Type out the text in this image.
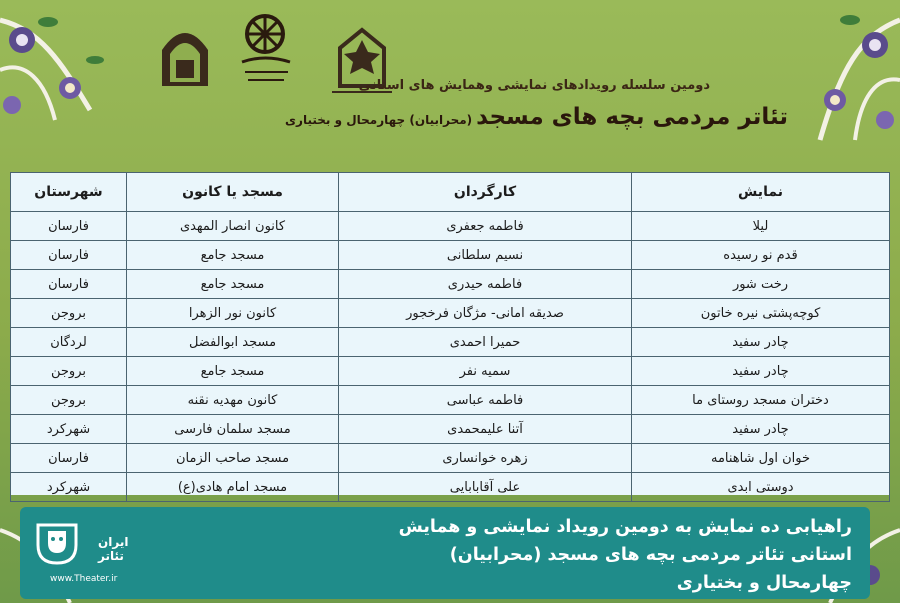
دومین سلسله رویدادهای نمایشی وهمایش های استانی
تئاتر مردمی بچه های مسجد(محرابیان) چهارمحال و بختیاری
نمایش	کارگردان	مسجد یا کانون	شهرستان
لیلا	فاطمه جعفری	کانون انصار المهدی	فارسان
قدم نو رسیده	نسیم سلطانی	مسجد جامع	فارسان
رخت شور	فاطمه حیدری	مسجد جامع	فارسان
کوچه‌پشتی نیره خاتون	صدیقه امانی- مژگان فرخجور	کانون نور الزهرا	بروجن
چادر سفید	حمیرا احمدی	مسجد ابوالفضل	لردگان
چادر سفید	سمیه نفر	مسجد جامع	بروجن
دختران مسجد روستای ما	فاطمه عباسی	کانون مهدیه نقنه	بروجن
چادر سفید	آتنا علیمحمدی	مسجد سلمان فارسی	شهرکرد
خوان اول شاهنامه	زهره خوانساری	مسجد صاحب الزمان	فارسان
دوستی ابدی	علی آقابابایی	مسجد امام هادی(ع)	شهرکرد
راهیابی ده نمایش به دومین رویداد نمایشی و همایش
استانی تئاتر مردمی بچه های مسجد (محرابیان)
چهارمحال و بختیاری
ایران تئاتر
www.Theater.ir
